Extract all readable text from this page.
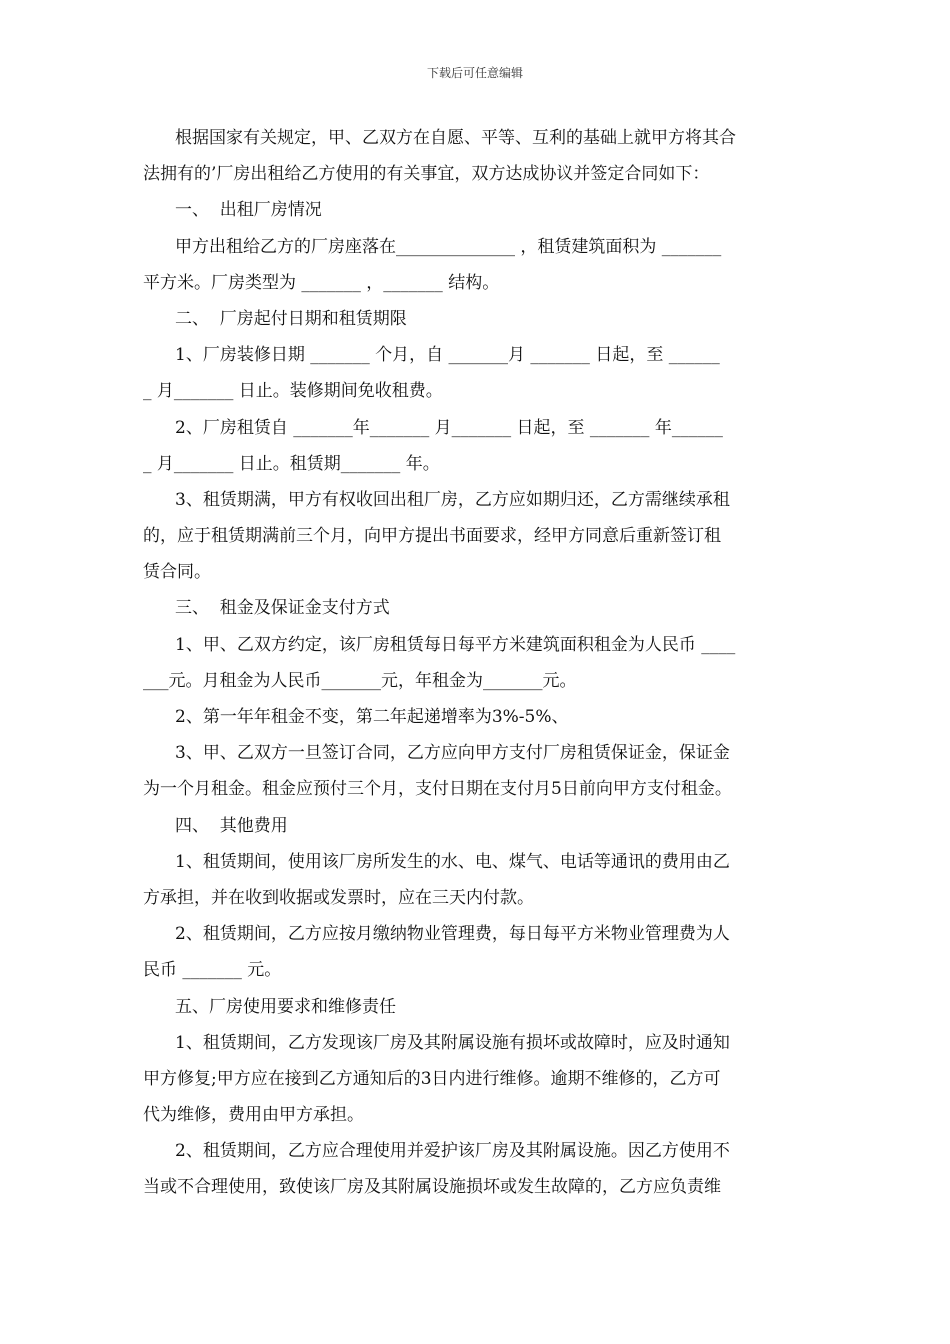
下载后可任意编辑
根据国家有关规定，甲、乙双方在自愿、平等、互利的基础上就甲方将其合
法拥有的’厂房出租给乙方使用的有关事宜，双方达成协议并签定合同如下：
一、  出租厂房情况
甲方出租给乙方的厂房座落在______________ ，租赁建筑面积为 _______
平方米。厂房类型为 _______ ，_______ 结构。
二、  厂房起付日期和租赁期限
1、厂房装修日期 _______ 个月，自 _______月 _______ 日起，至 ______
_ 月_______ 日止。装修期间免收租费。
2、厂房租赁自 _______年_______ 月_______ 日起，至 _______ 年______
_ 月_______ 日止。租赁期_______ 年。
3、租赁期满，甲方有权收回出租厂房，乙方应如期归还，乙方需继续承租
的，应于租赁期满前三个月，向甲方提出书面要求，经甲方同意后重新签订租
赁合同。
三、  租金及保证金支付方式
1、甲、乙双方约定，该厂房租赁每日每平方米建筑面积租金为人民币 ____
___元。月租金为人民币_______元，年租金为_______元。
2、第一年年租金不变，第二年起递增率为3%-5%、
3、甲、乙双方一旦签订合同，乙方应向甲方支付厂房租赁保证金，保证金
为一个月租金。租金应预付三个月，支付日期在支付月5日前向甲方支付租金。
四、  其他费用
1、租赁期间，使用该厂房所发生的水、电、煤气、电话等通讯的费用由乙
方承担，并在收到收据或发票时，应在三天内付款。
2、租赁期间，乙方应按月缴纳物业管理费，每日每平方米物业管理费为人
民币 _______ 元。
五、厂房使用要求和维修责任
1、租赁期间，乙方发现该厂房及其附属设施有损坏或故障时，应及时通知
甲方修复;甲方应在接到乙方通知后的3日内进行维修。逾期不维修的，乙方可
代为维修，费用由甲方承担。
2、租赁期间，乙方应合理使用并爱护该厂房及其附属设施。因乙方使用不
当或不合理使用，致使该厂房及其附属设施损坏或发生故障的，乙方应负责维
